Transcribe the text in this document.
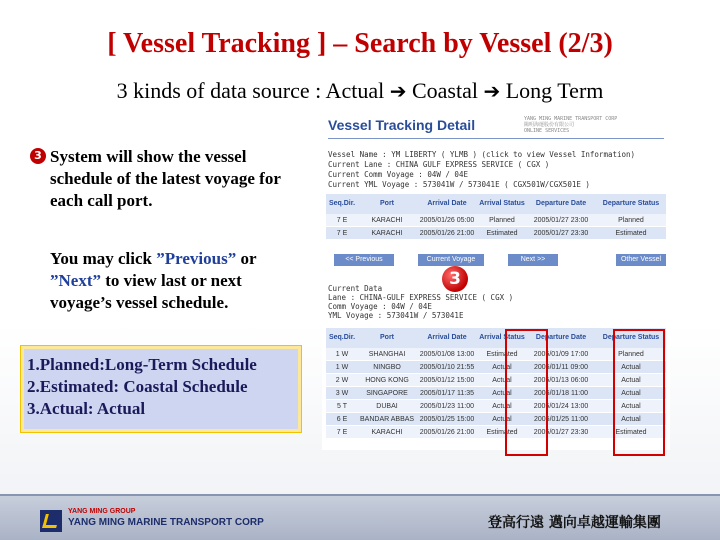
[ Vessel Tracking ] – Search by Vessel (2/3)
3 kinds of data source : Actual ➔ Coastal ➔ Long Term
3 System will show the vessel schedule of the latest voyage for each call port.
You may click ”Previous” or ”Next” to view last or next voyage’s vessel schedule.
1.Planned:Long-Term Schedule
2.Estimated: Coastal Schedule
3.Actual: Actual
Vessel Tracking Detail	YANG MING MARINE TRANSPORT CORP
陽明海運股份有限公司
ONLINE SERVICES
Vessel Name : YM LIBERTY ( YLMB ) (click to view Vessel Information)
Current Lane : CHINA GULF EXPRESS SERVICE ( CGX )
Current Comm Voyage : 04W / 04E
Current YML Voyage : 573041W / 573041E ( CGX501W/CGX501E )
Seq.Dir.	Port	Arrival Date	Arrival Status	Departure Date	Departure Status
7 E	KARACHI	2005/01/26 05:00	Planned	2005/01/27 23:00	Planned
7 E	KARACHI	2005/01/26 21:00	Estimated	2005/01/27 23:30	Estimated
<< Previous	Current Voyage	Next >>	Other Vessel
Current Data
Lane : CHINA-GULF EXPRESS SERVICE ( CGX )
Comm Voyage : 04W / 04E
YML Voyage : 573041W / 573041E
Seq.Dir.	Port	Arrival Date	Arrival Status	Departure Date	Departure Status
1 W	SHANGHAI	2005/01/08 13:00	Estimated	2005/01/09 17:00	Planned
1 W	NINGBO	2005/01/10 21:55	Actual	2005/01/11 09:00	Actual
2 W	HONG KONG	2005/01/12 15:00	Actual	2005/01/13 06:00	Actual
3 W	SINGAPORE	2005/01/17 11:35	Actual	2005/01/18 11:00	Actual
5 T	DUBAI	2005/01/23 11:00	Actual	2005/01/24 13:00	Actual
6 E	BANDAR ABBAS	2005/01/25 15:00	Actual	2005/01/25 11:00	Actual
7 E	KARACHI	2005/01/26 21:00	Estimated	2005/01/27 23:30	Estimated
3
YANG MING GROUP
YANG MING MARINE TRANSPORT CORP	登高行遠 邁向卓越運輸集團
